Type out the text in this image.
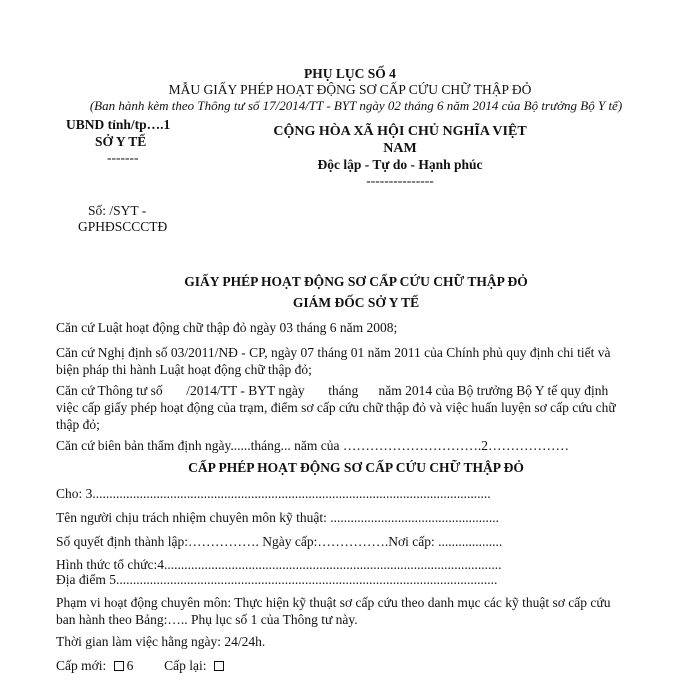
PHỤ LỤC SỐ 4
MẪU GIẤY PHÉP HOẠT ĐỘNG SƠ CẤP CỨU CHỮ THẬP ĐỎ
(Ban hành kèm theo Thông tư số 17/2014/TT - BYT ngày 02 tháng 6 năm 2014 của Bộ trưởng Bộ Y tế)
UBND tỉnh/tp….1
SỞ Y TẾ
-------
Số: /SYT -
GPHĐSCCCTĐ
CỘNG HÒA XÃ HỘI CHỦ NGHĨA VIỆT
NAM
Độc lập - Tự do - Hạnh phúc
---------------
GIẤY PHÉP HOẠT ĐỘNG SƠ CẤP CỨU CHỮ THẬP ĐỎ
GIÁM ĐỐC SỞ Y TẾ
Căn cứ Luật hoạt động chữ thập đỏ ngày 03 tháng 6 năm 2008;
Căn cứ Nghị định số 03/2011/NĐ - CP, ngày 07 tháng 01 năm 2011 của Chính phủ quy định chi tiết và
biện pháp thi hành Luật hoạt động chữ thập đỏ;
Căn cứ Thông tư số       /2014/TT - BYT ngày       tháng      năm 2014 của Bộ trưởng Bộ Y tế quy định
việc cấp giấy phép hoạt động của trạm, điểm sơ cấp cứu chữ thập đỏ và việc huấn luyện sơ cấp cứu chữ
thập đỏ;
Căn cứ biên bản thẩm định ngày......tháng... năm của ………………………….2………………
CẤP PHÉP HOẠT ĐỘNG SƠ CẤP CỨU CHỮ THẬP ĐỎ
Cho: 3......................................................................................................................
Tên người chịu trách nhiệm chuyên môn kỹ thuật: ..................................................
Số quyết định thành lập:……………. Ngày cấp:…………….Nơi cấp: ...................
Hình thức tổ chức:4....................................................................................................
Địa điểm 5.................................................................................................................
Phạm vi hoạt động chuyên môn: Thực hiện kỹ thuật sơ cấp cứu theo danh mục các kỹ thuật sơ cấp cứu
ban hành theo Bảng:….. Phụ lục số 1 của Thông tư này.
Thời gian làm việc hằng ngày: 24/24h.
Cấp mới: 6 Cấp lại:
